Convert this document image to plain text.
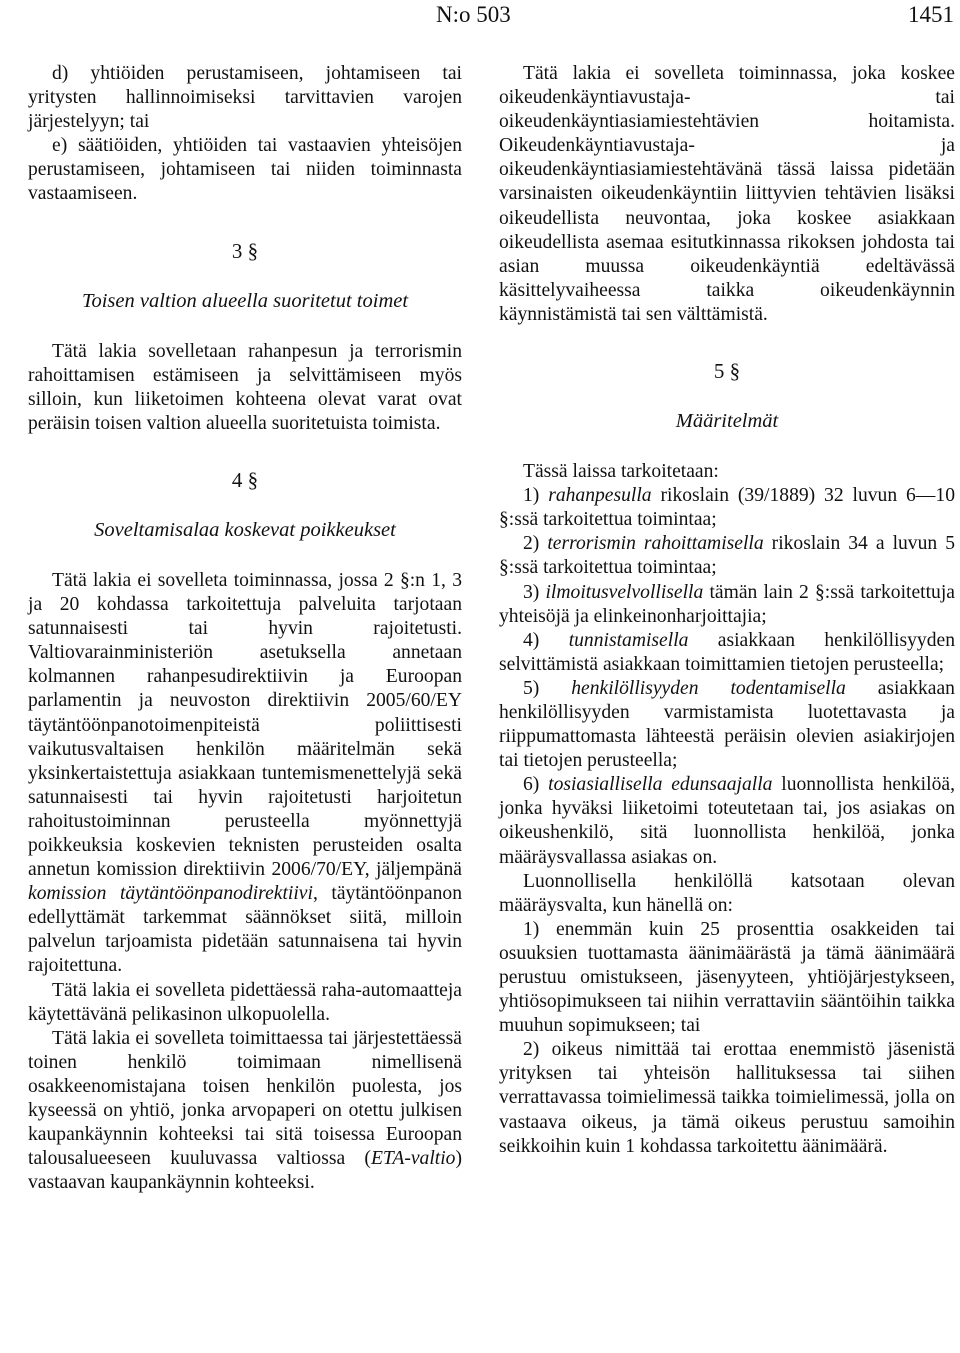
N:o 503	1451

d) yhtiöiden perustamiseen, johtamiseen tai yritysten hallinnoimiseksi tarvittavien varojen järjestelyyn; tai

e) säätiöiden, yhtiöiden tai vastaavien yhteisöjen perustamiseen, johtamiseen tai niiden toiminnasta vastaamiseen.

3 §

Toisen valtion alueella suoritetut toimet

Tätä lakia sovelletaan rahanpesun ja terrorismin rahoittamisen estämiseen ja selvittämiseen myös silloin, kun liiketoimen kohteena olevat varat ovat peräisin toisen valtion alueella suoritetuista toimista.

4 §

Soveltamisalaa koskevat poikkeukset

Tätä lakia ei sovelleta toiminnassa, jossa 2 §:n 1, 3 ja 20 kohdassa tarkoitettuja palveluita tarjotaan satunnaisesti tai hyvin rajoitetusti. Valtiovarainministeriön asetuksella annetaan kolmannen rahanpesudirektiivin ja Euroopan parlamentin ja neuvoston direktiivin 2005/60/EY täytäntöönpanotoimenpiteistä poliittisesti vaikutusvaltaisen henkilön määritelmän sekä yksinkertaistettuja asiakkaan tuntemismenettelyjä sekä satunnaisesti tai hyvin rajoitetusti harjoitetun rahoitustoiminnan perusteella myönnettyjä poikkeuksia koskevien teknisten perusteiden osalta annetun komission direktiivin 2006/70/EY, jäljempänä komission täytäntöönpanodirektiivi, täytäntöönpanon edellyttämät tarkemmat säännökset siitä, milloin palvelun tarjoamista pidetään satunnaisena tai hyvin rajoitettuna.

Tätä lakia ei sovelleta pidettäessä raha-automaatteja käytettävänä pelikasinon ulkopuolella.

Tätä lakia ei sovelleta toimittaessa tai järjestettäessä toinen henkilö toimimaan nimellisenä osakkeenomistajana toisen henkilön puolesta, jos kyseessä on yhtiö, jonka arvopaperi on otettu julkisen kaupankäynnin kohteeksi tai sitä toisessa Euroopan talousalueeseen kuuluvassa valtiossa (ETA-valtio) vastaavan kaupankäynnin kohteeksi.

Tätä lakia ei sovelleta toiminnassa, joka koskee oikeudenkäyntiavustaja- tai oikeudenkäyntiasiamiestehtävien hoitamista. Oikeudenkäyntiavustaja- ja oikeudenkäyntiasiamiestehtävänä tässä laissa pidetään varsinaisten oikeudenkäyntiin liittyvien tehtävien lisäksi oikeudellista neuvontaa, joka koskee asiakkaan oikeudellista asemaa esitutkinnassa rikoksen johdosta tai asian muussa oikeudenkäyntiä edeltävässä käsittelyvaiheessa taikka oikeudenkäynnin käynnistämistä tai sen välttämistä.

5 §

Määritelmät

Tässä laissa tarkoitetaan:

1) rahanpesulla rikoslain (39/1889) 32 luvun 6—10 §:ssä tarkoitettua toimintaa;

2) terrorismin rahoittamisella rikoslain 34 a luvun 5 §:ssä tarkoitettua toimintaa;

3) ilmoitusvelvollisella tämän lain 2 §:ssä tarkoitettuja yhteisöjä ja elinkeinonharjoittajia;

4) tunnistamisella asiakkaan henkilöllisyyden selvittämistä asiakkaan toimittamien tietojen perusteella;

5) henkilöllisyyden todentamisella asiakkaan henkilöllisyyden varmistamista luotettavasta ja riippumattomasta lähteestä peräisin olevien asiakirjojen tai tietojen perusteella;

6) tosiasiallisella edunsaajalla luonnollista henkilöä, jonka hyväksi liiketoimi toteutetaan tai, jos asiakas on oikeushenkilö, sitä luonnollista henkilöä, jonka määräysvallassa asiakas on.

Luonnollisella henkilöllä katsotaan olevan määräysvalta, kun hänellä on:

1) enemmän kuin 25 prosenttia osakkeiden tai osuuksien tuottamasta äänimäärästä ja tämä äänimäärä perustuu omistukseen, jäsenyyteen, yhtiöjärjestykseen, yhtiösopimukseen tai niihin verrattaviin sääntöihin taikka muuhun sopimukseen; tai

2) oikeus nimittää tai erottaa enemmistö jäsenistä yrityksen tai yhteisön hallituksessa tai siihen verrattavassa toimielimessä taikka toimielimessä, jolla on vastaava oikeus, ja tämä oikeus perustuu samoihin seikkoihin kuin 1 kohdassa tarkoitettu äänimäärä.
